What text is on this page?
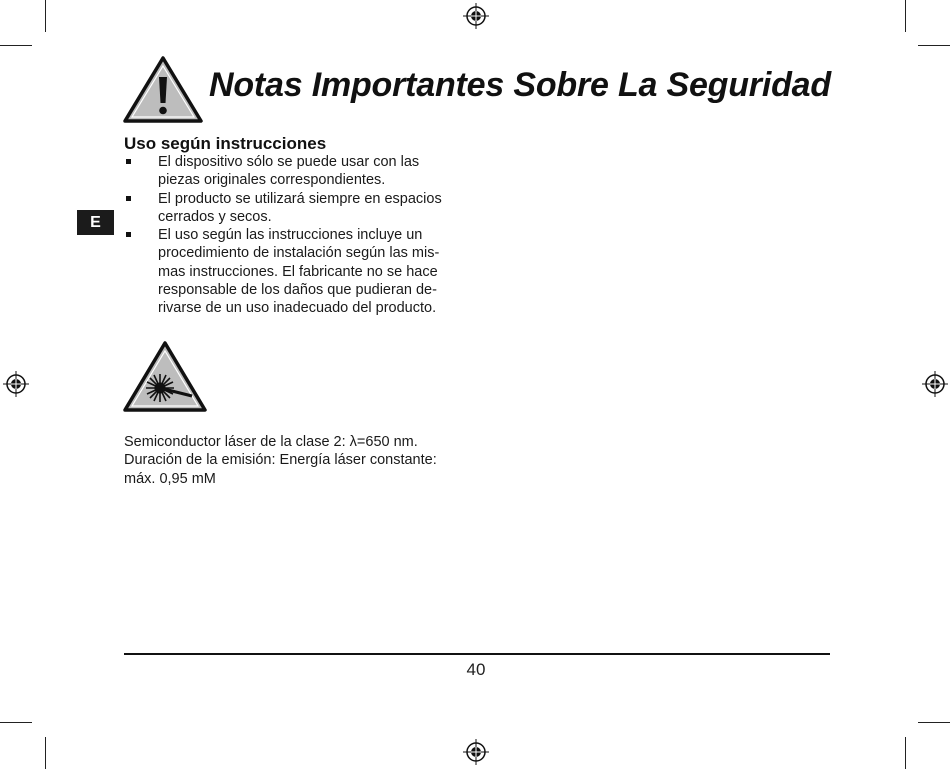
Notas Importantes Sobre La Seguridad
E
Uso según instrucciones
El dispositivo sólo se puede usar con las
piezas originales correspondientes.
El producto se utilizará siempre en espacios
cerrados y secos.
El uso según las instrucciones incluye un
procedimiento de instalación según las mis-
mas instrucciones. El fabricante no se hace
responsable de los daños que pudieran de-
rivarse de un uso inadecuado del producto.
Semiconductor láser de la clase 2: λ=650 nm.
Duración de la emisión: Energía láser constante:
máx. 0,95 mM
40
